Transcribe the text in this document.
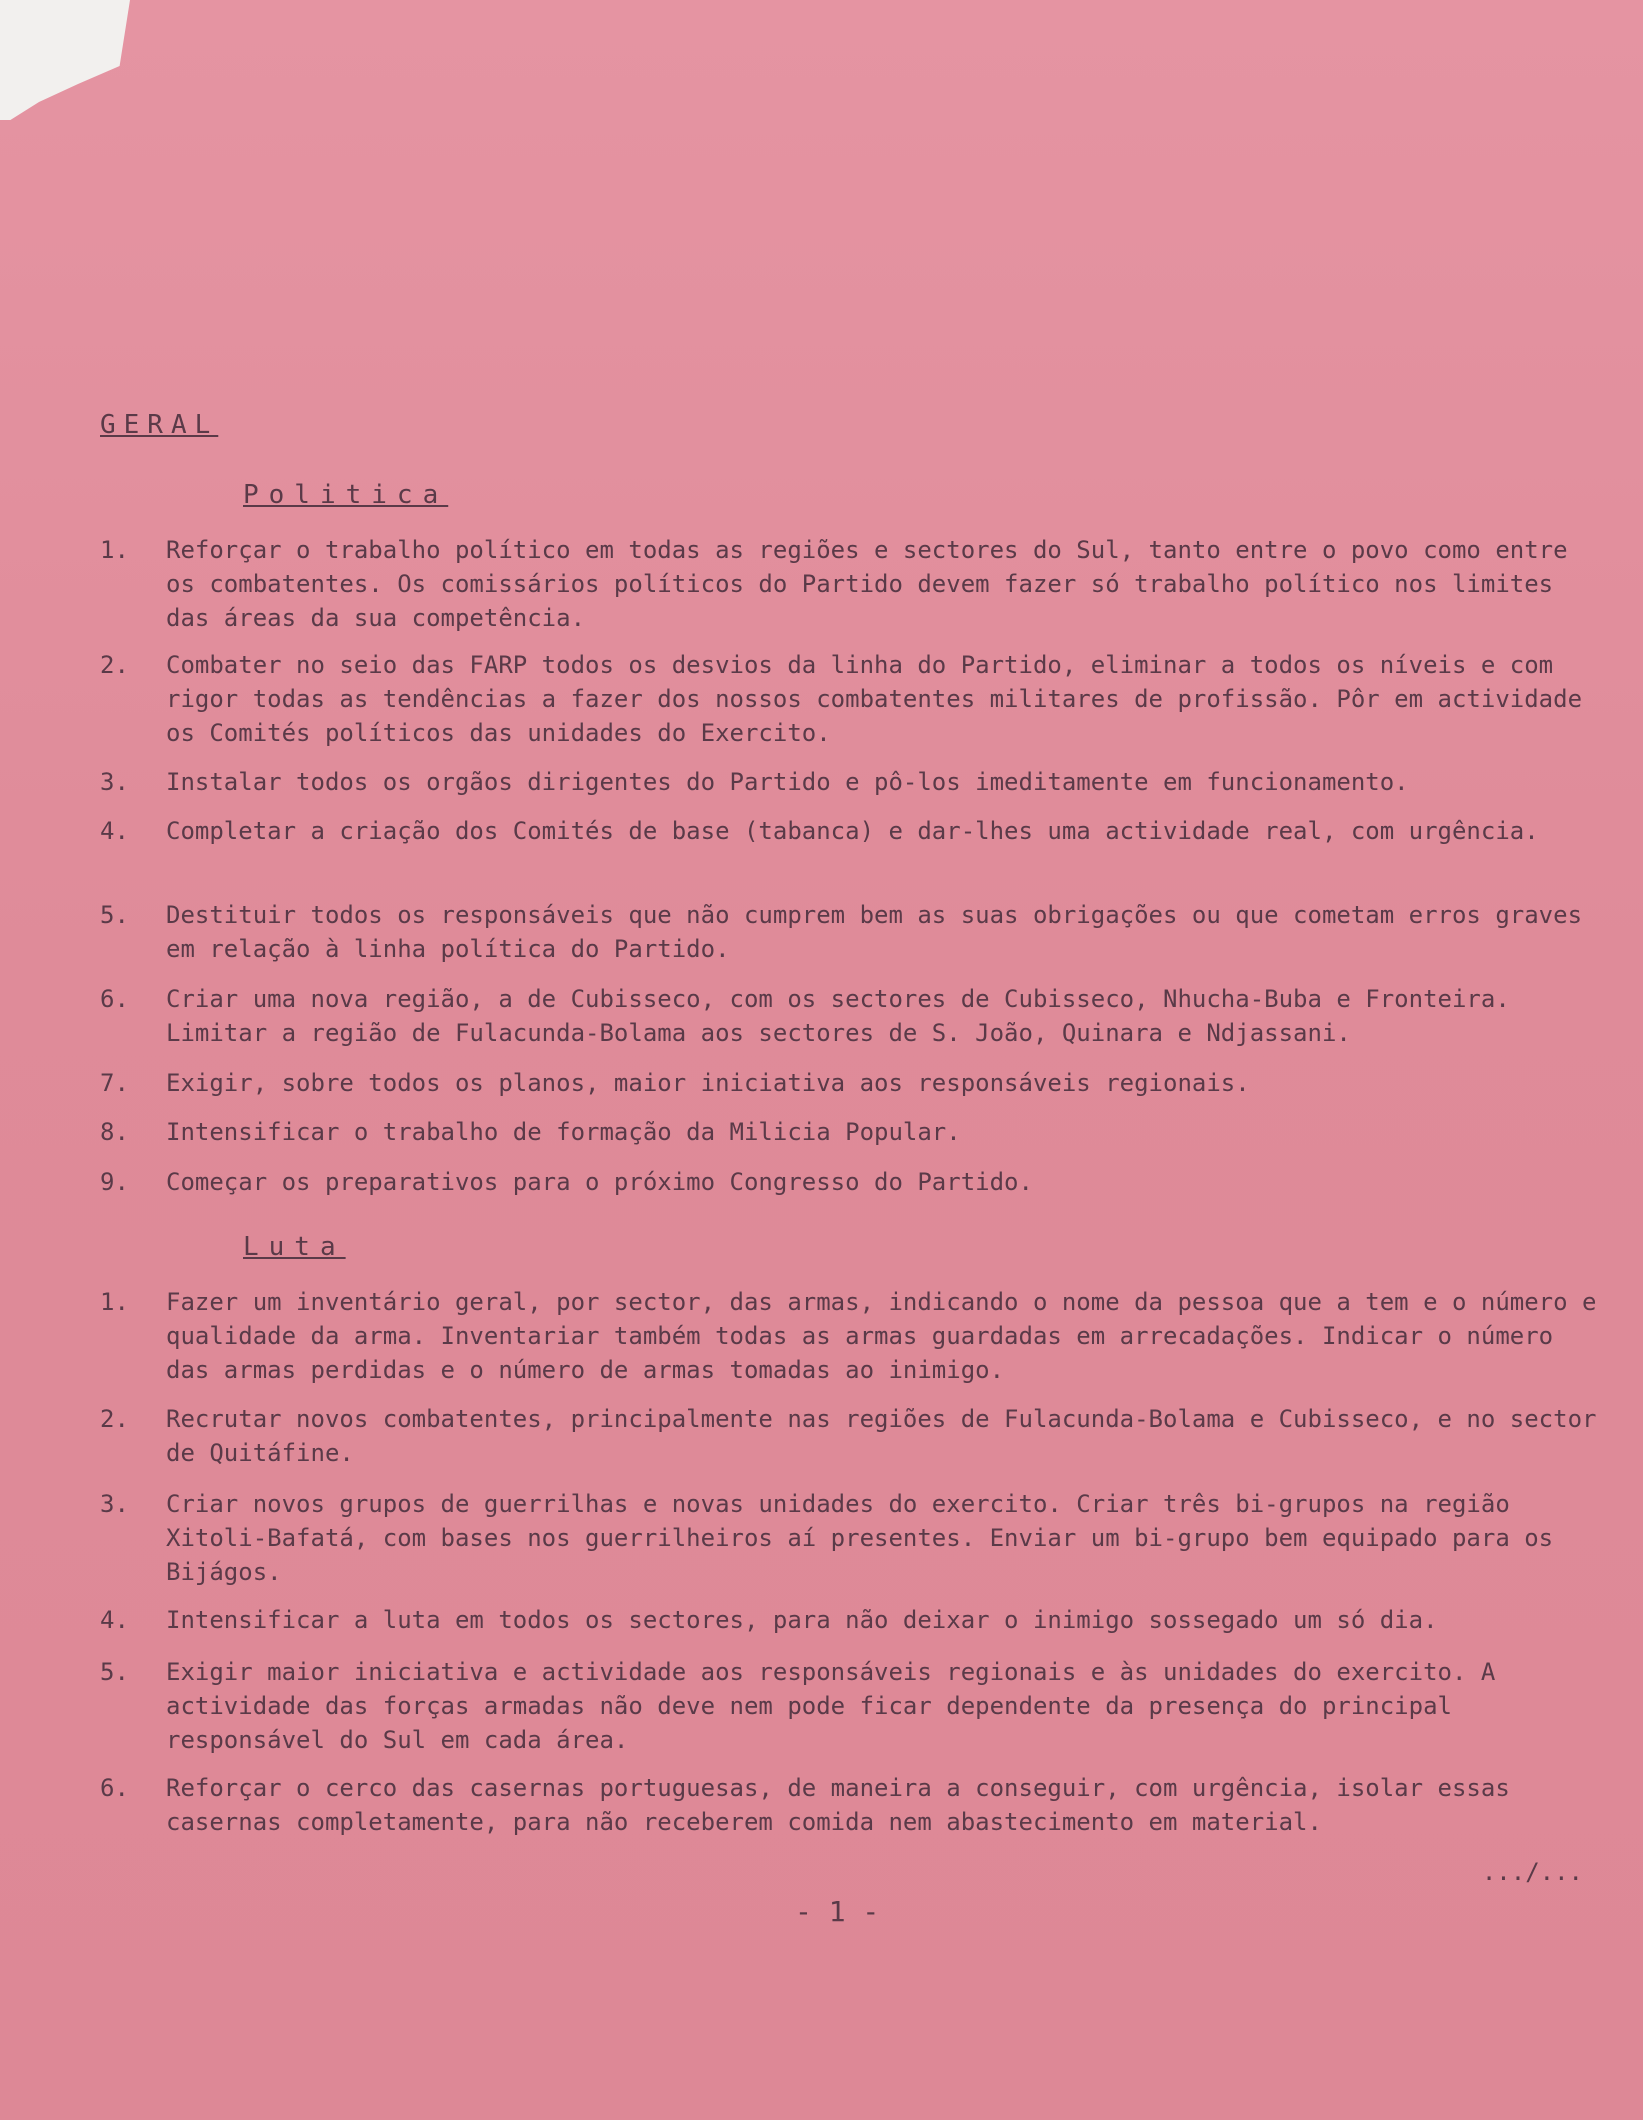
GERAL
Politica
1.	Reforçar o trabalho político em todas as regiões e sectores do Sul, tanto entre o povo como entre os combatentes. Os comissários políticos do Partido devem fazer só trabalho político nos limites das áreas da sua competência.
2.	Combater no seio das FARP todos os desvios da linha do Partido, eliminar a todos os níveis e com rigor todas as tendências a fazer dos nossos combatentes militares de profissão. Pôr em actividade os Comités políticos das unidades do Exercito.
3.	Instalar todos os orgãos dirigentes do Partido e pô-los imeditamente em funcionamento.
4.	Completar a criação dos Comités de base (tabanca) e dar-lhes uma actividade real, com urgência.
5.	Destituir todos os responsáveis que não cumprem bem as suas obrigações ou que cometam erros graves em relação à linha política do Partido.
6.	Criar uma nova região, a de Cubisseco, com os sectores de Cubisseco, Nhucha-Buba e Fronteira. Limitar a região de Fulacunda-Bolama aos sectores de S. João, Quinara e Ndjassani.
7.	Exigir, sobre todos os planos, maior iniciativa aos responsáveis regionais.
8.	Intensificar o trabalho de formação da Milicia Popular.
9.	Começar os preparativos para o próximo Congresso do Partido.
Luta
1.	Fazer um inventário geral, por sector, das armas, indicando o nome da pessoa que a tem e o número e qualidade da arma. Inventariar também todas as armas guardadas em arrecadações. Indicar o número das armas perdidas e o número de armas tomadas ao inimigo.
2.	Recrutar novos combatentes, principalmente nas regiões de Fulacunda-Bolama e Cubisseco, e no sector de Quitáfine.
3.	Criar novos grupos de guerrilhas e novas unidades do exercito. Criar três bi-grupos na região Xitoli-Bafatá, com bases nos guerrilheiros aí presentes. Enviar um bi-grupo bem equipado para os Bijágos.
4.	Intensificar a luta em todos os sectores, para não deixar o inimigo sossegado um só dia.
5.	Exigir maior iniciativa e actividade aos responsáveis regionais e às unidades do exercito. A actividade das forças armadas não deve nem pode ficar dependente da presença do principal responsável do Sul em cada área.
6.	Reforçar o cerco das casernas portuguesas, de maneira a conseguir, com urgência, isolar essas casernas completamente, para não receberem comida nem abastecimento em material.
.../...
- 1 -
